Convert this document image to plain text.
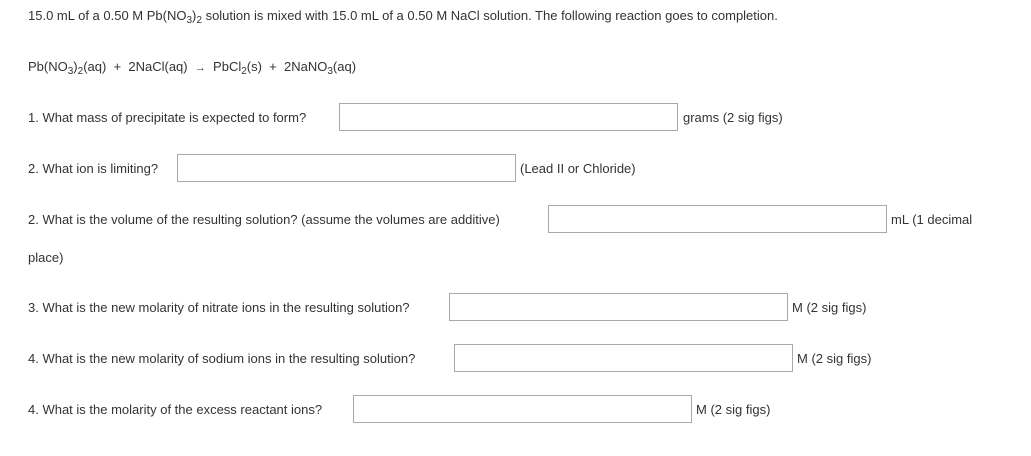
15.0 mL of a 0.50 M $Pb(NO_3)_2$ solution is mixed with 15.0 mL of a 0.50 M NaCl solution. The following reaction goes to completion.
$Pb(NO_3)_2(aq)$  +  2NaCl(aq)  →  PbCl$_2$(s)  +  2NaNO$_3$(aq)
1. What mass of precipitate is expected to form?	grams (2 sig figs)
2. What ion is limiting?	(Lead II or Chloride)
2. What is the volume of the resulting solution? (assume the volumes are additive)	mL (1 decimal
place)
3. What is the new molarity of nitrate ions in the resulting solution?	M (2 sig figs)
4. What is the new molarity of sodium ions in the resulting solution?	M (2 sig figs)
4. What is the molarity of the excess reactant ions?	M (2 sig figs)
